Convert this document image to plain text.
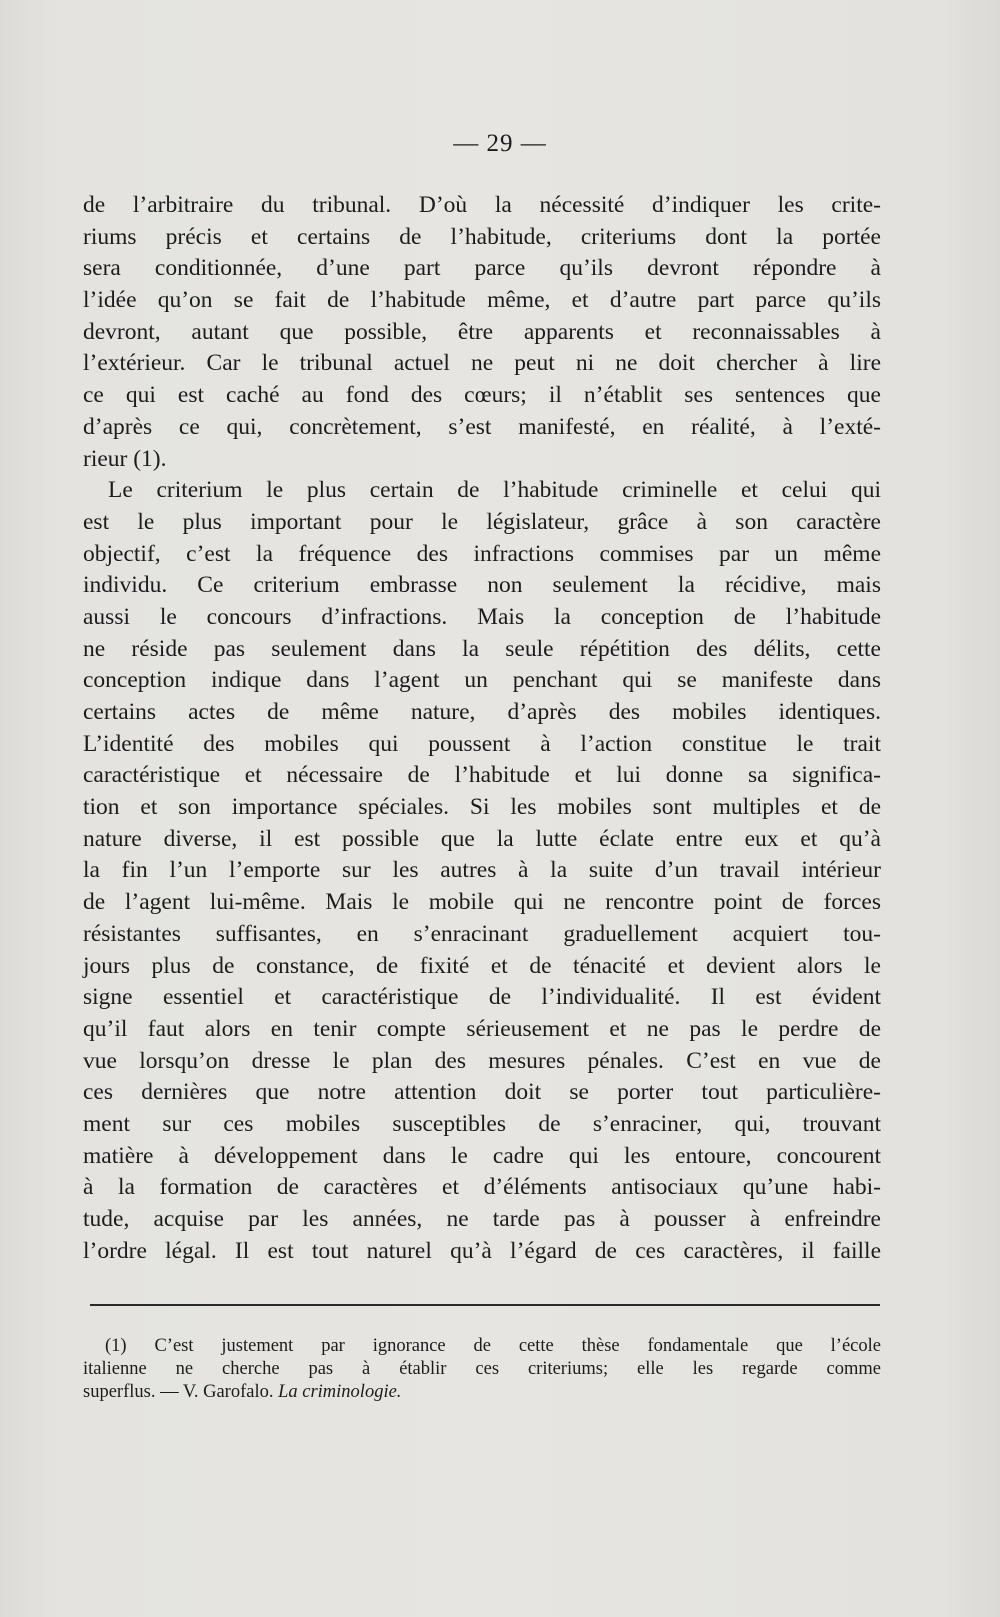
— 29 —
de l’arbitraire du tribunal. D’où la nécessité d’indiquer les crite-
riums précis et certains de l’habitude, criteriums dont la portée
sera conditionnée, d’une part parce qu’ils devront répondre à
l’idée qu’on se fait de l’habitude même, et d’autre part parce qu’ils
devront, autant que possible, être apparents et reconnaissables à
l’extérieur. Car le tribunal actuel ne peut ni ne doit chercher à lire
ce qui est caché au fond des cœurs; il n’établit ses sentences que
d’après ce qui, concrètement, s’est manifesté, en réalité, à l’exté-
rieur (1).
Le criterium le plus certain de l’habitude criminelle et celui qui
est le plus important pour le législateur, grâce à son caractère
objectif, c’est la fréquence des infractions commises par un même
individu. Ce criterium embrasse non seulement la récidive, mais
aussi le concours d’infractions. Mais la conception de l’habitude
ne réside pas seulement dans la seule répétition des délits, cette
conception indique dans l’agent un penchant qui se manifeste dans
certains actes de même nature, d’après des mobiles identiques.
L’identité des mobiles qui poussent à l’action constitue le trait
caractéristique et nécessaire de l’habitude et lui donne sa significa-
tion et son importance spéciales. Si les mobiles sont multiples et de
nature diverse, il est possible que la lutte éclate entre eux et qu’à
la fin l’un l’emporte sur les autres à la suite d’un travail intérieur
de l’agent lui-même. Mais le mobile qui ne rencontre point de forces
résistantes suffisantes, en s’enracinant graduellement acquiert tou-
jours plus de constance, de fixité et de ténacité et devient alors le
signe essentiel et caractéristique de l’individualité. Il est évident
qu’il faut alors en tenir compte sérieusement et ne pas le perdre de
vue lorsqu’on dresse le plan des mesures pénales. C’est en vue de
ces dernières que notre attention doit se porter tout particulière-
ment sur ces mobiles susceptibles de s’enraciner, qui, trouvant
matière à développement dans le cadre qui les entoure, concourent
à la formation de caractères et d’éléments antisociaux qu’une habi-
tude, acquise par les années, ne tarde pas à pousser à enfreindre
l’ordre légal. Il est tout naturel qu’à l’égard de ces caractères, il faille
(1) C’est justement par ignorance de cette thèse fondamentale que l’école
italienne ne cherche pas à établir ces criteriums; elle les regarde comme
superflus. — V. Garofalo. La criminologie.
